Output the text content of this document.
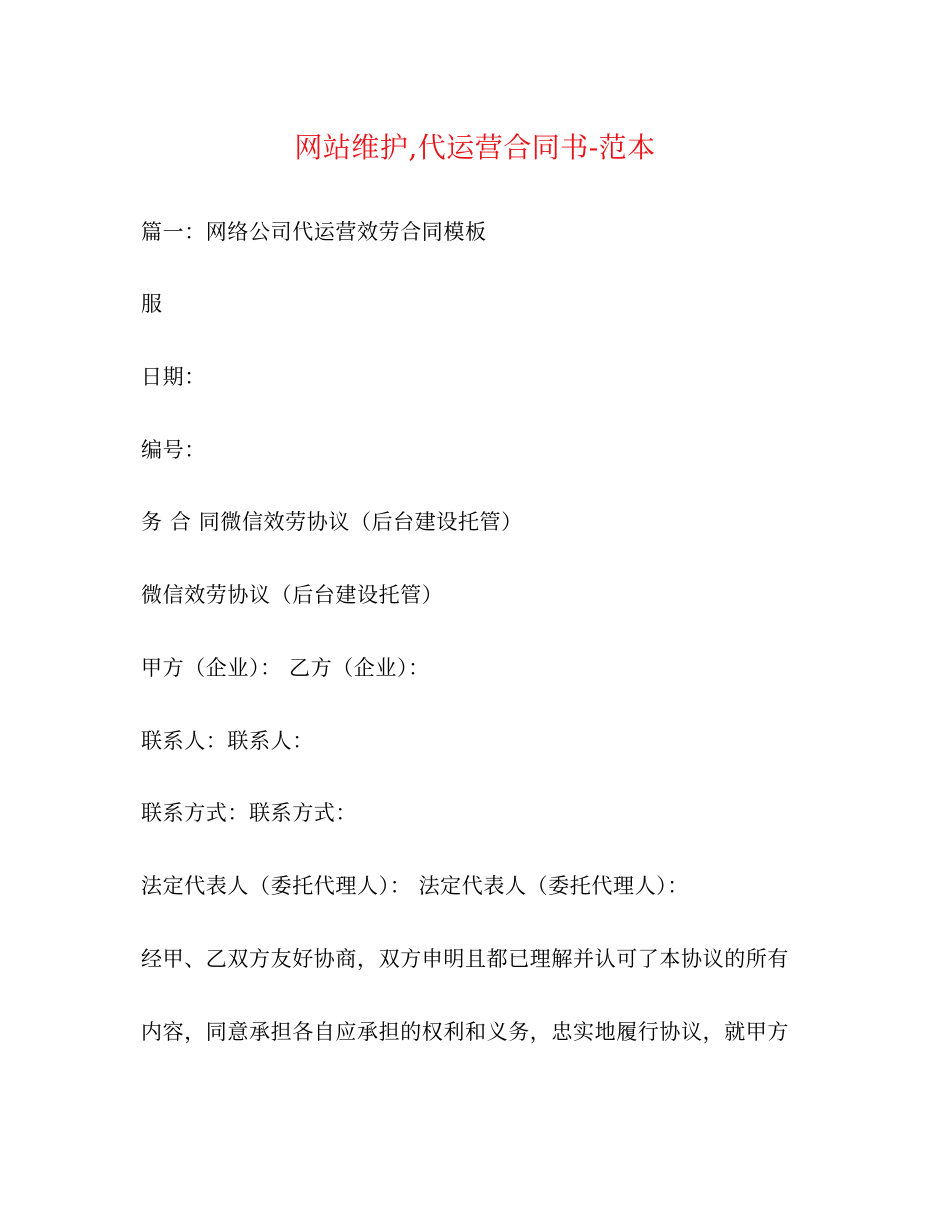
网站维护,代运营合同书-范本
篇一：网络公司代运营效劳合同模板
服
日期：
编号：
务 合 同微信效劳协议（后台建设托管）
微信效劳协议（后台建设托管）
甲方（企业）： 乙方（企业）：
联系人：联系人：
联系方式：联系方式：
法定代表人（委托代理人）： 法定代表人（委托代理人）：
经甲、乙双方友好协商，双方申明且都已理解并认可了本协议的所有
内容，同意承担各自应承担的权利和义务，忠实地履行协议，就甲方
